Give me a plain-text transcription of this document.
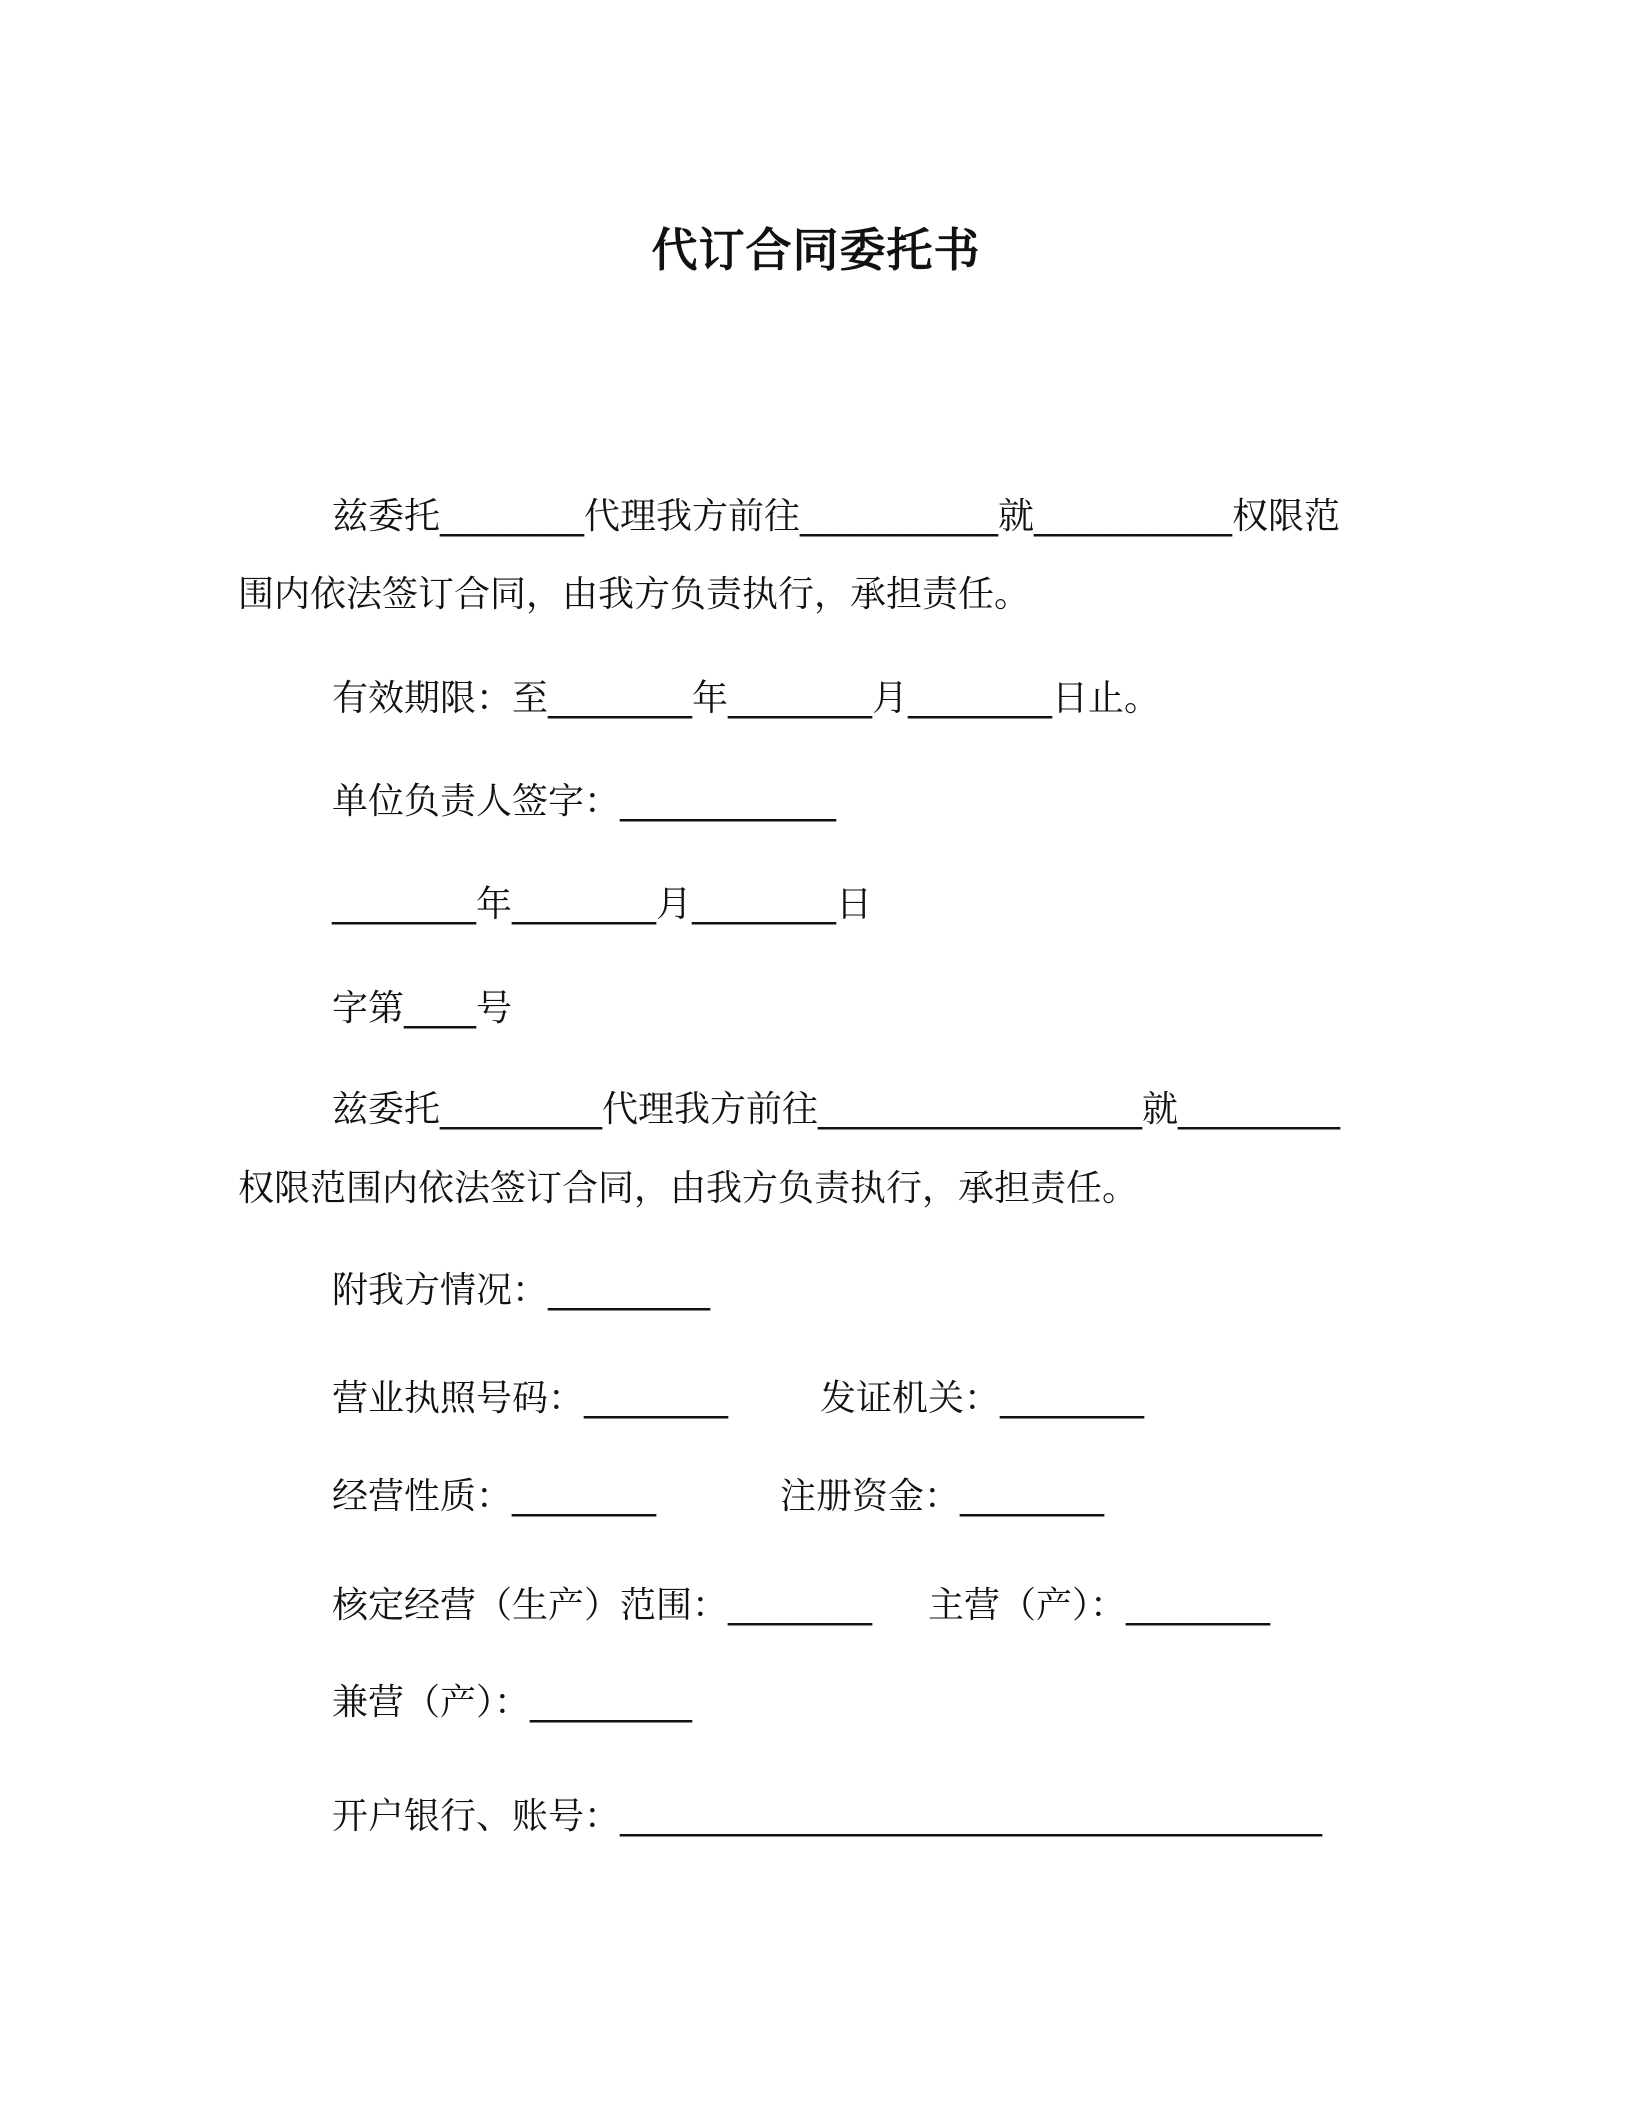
代订合同委托书
兹委托________代理我方前往___________就___________权限范
围内依法签订合同，由我方负责执行，承担责任。
有效期限：至________年________月________日止。
单位负责人签字：____________
________年________月________日
字第____号
兹委托_________代理我方前往__________________就_________
权限范围内依法签订合同，由我方负责执行，承担责任。
附我方情况：_________
营业执照号码：________	发证机关：________
经营性质：________	注册资金：________
核定经营（生产）范围：________ 主营（产）：________
兼营（产）：_________
开户银行、账号：_______________________________________
